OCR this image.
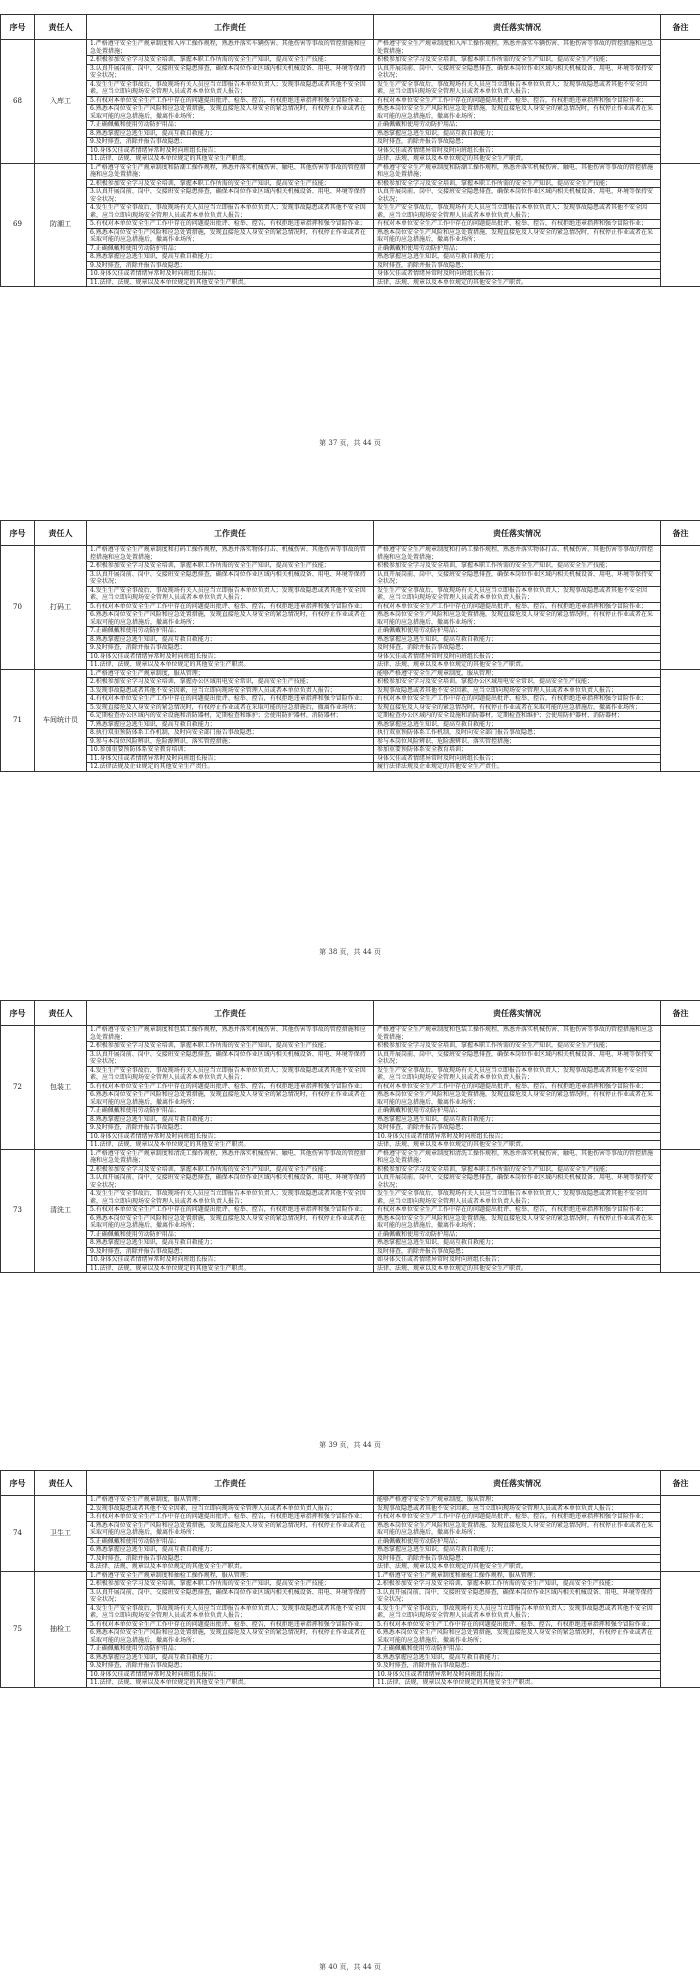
序号	责任人	工作责任	责任落实情况	备注
68	入库工	1.严格遵守安全生产规章制度和入库工操作规程，熟悉并落实车辆伤害、其他伤害等事故的管控措施和应急处置措施；	严格遵守安全生产规章制度和入库工操作规程，熟悉并落实车辆伤害、其他伤害等事故的管控措施和应急处置措施；	
		2.积极参加安全学习及安全培训，掌握本职工作所需的安全生产知识，提高安全生产技能；	积极参加安全学习及安全培训，掌握本职工作所需的安全生产知识，提高安全生产技能；	
		3.认真开展岗前、岗中、交接班安全隐患排查，确保本岗位作业区域内相关机械设备、用电、环境等保持安全状况；	认真开展岗前、岗中、交接班安全隐患排查，确保本岗位作业区域内相关机械设备、用电、环境等保持安全状况；	
		4.发生生产安全事故后，事故现场有关人员应当立即报告本单位负责人；发现事故隐患或者其他不安全因素，应当立即向现场安全管理人员或者本单位负责人报告；	发生生产安全事故后，事故现场有关人员应当立即报告本单位负责人；发现事故隐患或者其他不安全因素，应当立即向现场安全管理人员或者本单位负责人报告；	
		5.有权对本单位安全生产工作中存在的问题提出批评、检举、控告，有权拒绝违章指挥和强令冒险作业；	有权对本单位安全生产工作中存在的问题提出批评、检举、控告，有权拒绝违章指挥和强令冒险作业；	
		6.熟悉本岗位安全生产风险和应急处置措施，发现直接危及人身安全的紧急情况时，有权停止作业或者在采取可能的应急措施后，撤离作业场所；	熟悉本岗位安全生产风险和应急处置措施，发现直接危及人身安全的紧急情况时，有权停止作业或者在采取可能的应急措施后，撤离作业场所；	
		7.正确佩戴和使用劳动防护用品；	正确佩戴和使用劳动防护用品；	
		8.熟悉掌握应急逃生知识，提高互救自救能力；	熟悉掌握应急逃生知识，提高互救自救能力；	
		9.及时排查，消除并报告事故隐患；	及时排查，消除并报告事故隐患；	
		10.身体欠佳或者情绪异常时及时向班组长报告；	身体欠佳或者情绪异常时及时向班组长报告；	
		11.法律、法规、规章以及本单位规定的其他安全生产职责。	法律、法规、规章以及本单位规定的其他安全生产职责。	
69	防潮工	1.严格遵守安全生产规章制度和防潮工操作规程，熟悉并落实机械伤害、触电、其他伤害等事故的管控措施和应急处置措施；	严格遵守安全生产规章制度和防潮工操作规程，熟悉并落实机械伤害、触电、其他伤害等事故的管控措施和应急处置措施；	
		2.积极参加安全学习及安全培训，掌握本职工作所需的安全生产知识，提高安全生产技能；	积极参加安全学习及安全培训，掌握本职工作所需的安全生产知识，提高安全生产技能；	
		3.认真开展岗前、岗中、交接班安全隐患排查，确保本岗位作业区域内相关机械设备、用电、环境等保持安全状况；	认真开展岗前、岗中、交接班安全隐患排查，确保本岗位作业区域内相关机械设备、用电、环境等保持安全状况；	
		4.发生生产安全事故后，事故现场有关人员应当立即报告本单位负责人；发现事故隐患或者其他不安全因素，应当立即向现场安全管理人员或者本单位负责人报告；	发生生产安全事故后，事故现场有关人员应当立即报告本单位负责人；发现事故隐患或者其他不安全因素，应当立即向现场安全管理人员或者本单位负责人报告；	
		5.有权对本单位安全生产工作中存在的问题提出批评、检举、控告，有权拒绝违章指挥和强令冒险作业；	有权对本单位安全生产工作中存在的问题提出批评、检举、控告，有权拒绝违章指挥和强令冒险作业；	
		6.熟悉本岗位安全生产风险和应急处置措施，发现直接危及人身安全的紧急情况时，有权停止作业或者在采取可能的应急措施后，撤离作业场所；	熟悉本岗位安全生产风险和应急处置措施，发现直接危及人身安全的紧急情况时，有权停止作业或者在采取可能的应急措施后，撤离作业场所；	
		7.正确佩戴和使用劳动防护用品；	正确佩戴和使用劳动防护用品；	
		8.熟悉掌握应急逃生知识，提高互救自救能力；	熟悉掌握应急逃生知识，提高互救自救能力；	
		9.及时排查，消除并报告事故隐患；	及时排查，消除并报告事故隐患；	
		10.身体欠佳或者情绪异常时及时向班组长报告；	身体欠佳或者情绪异常时及时向班组长报告；	
		11.法律、法规、规章以及本单位规定的其他安全生产职责。	法律、法规、规章以及本单位规定的其他安全生产职责。	
第 37 页，共 44 页
序号	责任人	工作责任	责任落实情况	备注
70	打码工	1.严格遵守安全生产规章制度和打码工操作规程，熟悉并落实物体打击、机械伤害、其他伤害等事故的管控措施和应急处置措施；	严格遵守安全生产规章制度和打码工操作规程，熟悉并落实物体打击、机械伤害、其他伤害等事故的管控措施和应急处置措施；	
		2.积极参加安全学习及安全培训，掌握本职工作所需的安全生产知识，提高安全生产技能；	积极参加安全学习及安全培训，掌握本职工作所需的安全生产知识，提高安全生产技能；	
		3.认真开展岗前、岗中、交接班安全隐患排查，确保本岗位作业区域内相关机械设备、用电、环境等保持安全状况；	认真开展岗前、岗中、交接班安全隐患排查，确保本岗位作业区域内相关机械设备、用电、环境等保持安全状况；	
		4.发生生产安全事故后，事故现场有关人员应当立即报告本单位负责人；发现事故隐患或者其他不安全因素，应当立即向现场安全管理人员或者本单位负责人报告；	发生生产安全事故后，事故现场有关人员应当立即报告本单位负责人；发现事故隐患或者其他不安全因素，应当立即向现场安全管理人员或者本单位负责人报告；	
		5.有权对本单位安全生产工作中存在的问题提出批评、检举、控告，有权拒绝违章指挥和强令冒险作业；	有权对本单位安全生产工作中存在的问题提出批评、检举、控告，有权拒绝违章指挥和强令冒险作业；	
		6.熟悉本岗位安全生产风险和应急处置措施，发现直接危及人身安全的紧急情况时，有权停止作业或者在采取可能的应急措施后，撤离作业场所；	熟悉本岗位安全生产风险和应急处置措施，发现直接危及人身安全的紧急情况时，有权停止作业或者在采取可能的应急措施后，撤离作业场所；	
		7.正确佩戴和使用劳动防护用品；	正确佩戴和使用劳动防护用品；	
		8.熟悉掌握应急逃生知识，提高互救自救能力；	熟悉掌握应急逃生知识，提高互救自救能力；	
		9.及时排查，消除并报告事故隐患；	及时排查，消除并报告事故隐患；	
		10.身体欠佳或者情绪异常时及时向班组长报告；	身体欠佳或者情绪异常时及时向班组长报告；	
		11.法律、法规、规章以及本单位规定的其他安全生产职责。	法律、法规、规章以及本单位规定的其他安全生产职责。	
71	车间统计员	1.严格遵守安全生产规章制度，服从管理；	能够严格遵守安全生产规章制度，服从管理；	
		2.积极参加安全学习及安全培训，掌握办公区域用电安全常识，提高安全生产技能；	积极参加安全学习及安全培训，掌握办公区域用电安全常识，提高安全生产技能；	
		3.发现事故隐患或者其他不安全因素，应当立即向现场安全管理人员或者本单位负责人报告；	发现事故隐患或者其他不安全因素，应当立即向现场安全管理人员或者本单位负责人报告；	
		4.有权对本单位安全生产工作中存在的问题提出批评、检举、控告，有权拒绝违章指挥和强令冒险作业；	有权对本单位安全生产工作中存在的问题提出批评、检举、控告，有权拒绝违章指挥和强令冒险作业；	
		5.发现直接危及人身安全的紧急情况时，有权停止作业或者在采取可能的应急措施后，撤离作业场所；	发现直接危及人身安全的紧急情况时，有权停止作业或者在采取可能的应急措施后，撤离作业场所；	
		6.定期检查办公区域内的安全设施和消防器材，定期检查和维护；会使用防护器材、消防器材；	定期检查办公区域内的安全设施和消防器材，定期检查和维护；会使用防护器材、消防器材；	
		7.熟悉掌握应急逃生知识，提高互救自救能力；	熟悉掌握应急逃生知识，提高互救自救能力；	
		8.执行双重预防体系工作机制，及时向安全部门报告事故隐患；	执行双重预防体系工作机制，及时向安全部门报告事故隐患；	
		9.参与本岗位风险辨识、危险源辨识、落实管控措施；	参与本岗位风险辨识、危险源辨识、落实管控措施；	
		10.参加重要预防体系安全教育培训；	参加重要预防体系安全教育培训；	
		11.身体欠佳或者情绪异常时及时向班组长报告；	身体欠佳或者情绪异常时及时向班组长报告；	
		12.法律法规及企业规定的其他安全生产责任。	履行法律法规及企业规定的其他安全生产责任。	
第 38 页，共 44 页
序号	责任人	工作责任	责任落实情况	备注
72	包装工	1.严格遵守安全生产规章制度和包装工操作规程，熟悉并落实机械伤害、其他伤害等事故的管控措施和应急处置措施；	严格遵守安全生产规章制度和包装工操作规程，熟悉并落实机械伤害、其他伤害等事故的管控措施和应急处置措施；	
		2.积极参加安全学习及安全培训，掌握本职工作所需的安全生产知识，提高安全生产技能；	积极参加安全学习及安全培训，掌握本职工作所需的安全生产知识，提高安全生产技能；	
		3.认真开展岗前、岗中、交接班安全隐患排查，确保本岗位作业区域内相关机械设备、用电、环境等保持安全状况；	认真开展岗前、岗中、交接班安全隐患排查，确保本岗位作业区域内相关机械设备、用电、环境等保持安全状况；	
		4.发生生产安全事故后，事故现场有关人员应当立即报告本单位负责人；发现事故隐患或者其他不安全因素，应当立即向现场安全管理人员或者本单位负责人报告；	发生生产安全事故后，事故现场有关人员应当立即报告本单位负责人；发现事故隐患或者其他不安全因素，应当立即向现场安全管理人员或者本单位负责人报告；	
		5.有权对本单位安全生产工作中存在的问题提出批评、检举、控告，有权拒绝违章指挥和强令冒险作业；	有权对本单位安全生产工作中存在的问题提出批评、检举、控告，有权拒绝违章指挥和强令冒险作业；	
		6.熟悉本岗位安全生产风险和应急处置措施，发现直接危及人身安全的紧急情况时，有权停止作业或者在采取可能的应急措施后，撤离作业场所；	熟悉本岗位安全生产风险和应急处置措施，发现直接危及人身安全的紧急情况时，有权停止作业或者在采取可能的应急措施后，撤离作业场所；	
		7.正确佩戴和使用劳动防护用品；	正确佩戴和使用劳动防护用品；	
		8.熟悉掌握应急逃生知识，提高互救自救能力；	熟悉掌握应急逃生知识，提高互救自救能力；	
		9.及时排查，消除并报告事故隐患；	及时排查，消除并报告事故隐患；	
		10.身体欠佳或者情绪异常时及时向班组长报告；	10.身体欠佳或者情绪异常时及时向班组长报告；	
		11.法律、法规、规章以及本单位规定的其他安全生产职责。	法律、法规、规章以及本单位规定的其他安全生产职责。	
73	清洗工	1.严格遵守安全生产规章制度和清洗工操作规程，熟悉并落实机械伤害、触电、其他伤害等事故的管控措施和应急处置措施；	严格遵守安全生产规章制度和清洗工操作规程，熟悉并落实机械伤害、触电、其他伤害等事故的管控措施和应急处置措施；	
		2.积极参加安全学习及安全培训，掌握本职工作所需的安全生产知识，提高安全生产技能；	积极参加安全学习及安全培训，掌握本职工作所需的安全生产知识，提高安全生产技能；	
		3.认真开展岗前、岗中、交接班安全隐患排查，确保本岗位作业区域内相关机械设备、用电、环境等保持安全状况；	认真开展岗前、岗中、交接班安全隐患排查，确保本岗位作业区域内相关机械设备、用电、环境等保持安全状况；	
		4.发生生产安全事故后，事故现场有关人员应当立即报告本单位负责人；发现事故隐患或者其他不安全因素，应当立即向现场安全管理人员或者本单位负责人报告；	发生生产安全事故后，事故现场有关人员应当立即报告本单位负责人；发现事故隐患或者其他不安全因素，应当立即向现场安全管理人员或者本单位负责人报告；	
		5.有权对本单位安全生产工作中存在的问题提出批评、检举、控告，有权拒绝违章指挥和强令冒险作业；	有权对本单位安全生产工作中存在的问题提出批评、检举、控告，有权拒绝违章指挥和强令冒险作业；	
		6.熟悉本岗位安全生产风险和应急处置措施，发现直接危及人身安全的紧急情况时，有权停止作业或者在采取可能的应急措施后，撤离作业场所；	熟悉本岗位安全生产风险和应急处置措施，发现直接危及人身安全的紧急情况时，有权停止作业或者在采取可能的应急措施后，撤离作业场所；	
		7.正确佩戴和使用劳动防护用品；	正确佩戴和使用劳动防护用品；	
		8.熟悉掌握应急逃生知识，提高互救自救能力；	熟悉掌握应急逃生知识，提高互救自救能力；	
		9.及时排查，消除并报告事故隐患；	及时排查，消除并报告事故隐患；	
		10.身体欠佳或者情绪异常时及时向班组长报告；	如身体欠佳或者情绪异常时及时向班组长报告；	
		11.法律、法规、规章以及本单位规定的其他安全生产职责。	法律、法规、规章以及本单位规定的其他安全生产职责。	
第 39 页，共 44 页
序号	责任人	工作责任	责任落实情况	备注
74	卫生工	1.严格遵守安全生产规章制度，服从管理；	能够严格遵守安全生产规章制度，服从管理；	
		2.发现事故隐患或者其他不安全因素，应当立即向现场安全管理人员或者本单位负责人报告；	发现事故隐患或者其他不安全因素，应当立即向现场安全管理人员或者本单位负责人报告；	
		3.有权对本单位安全生产工作中存在的问题提出批评、检举、控告，有权拒绝违章指挥和强令冒险作业；	有权对本单位安全生产工作中存在的问题提出批评、检举、控告，有权拒绝违章指挥和强令冒险作业；	
		4.熟悉本岗位安全生产风险和应急处置措施，发现直接危及人身安全的紧急情况时，有权停止作业或者在采取可能的应急措施后，撤离作业场所；	熟悉本岗位安全生产风险和应急处置措施，发现直接危及人身安全的紧急情况时，有权停止作业或者在采取可能的应急措施后，撤离作业场所；	
		5.正确佩戴和使用劳动防护用品；	正确佩戴和使用劳动防护用品；	
		6.熟悉掌握应急逃生知识，提高互救自救能力；	熟悉掌握应急逃生知识，提高互救自救能力；	
		7.及时排查，消除并报告事故隐患；	及时排查，消除并报告事故隐患；	
		8.法律、法规、规章以及本单位规定的其他安全生产职责。	法律、法规、规章以及本单位规定的其他安全生产职责。	
75	抽检工	1.严格遵守安全生产规章制度和抽检工操作规程，服从管理；	1.严格遵守安全生产规章制度和抽检工操作规程，服从管理；	
		2.积极参加安全学习及安全培训，掌握本职工作所需的安全生产知识，提高安全生产技能；	2.积极参加安全学习及安全培训，掌握本职工作所需的安全生产知识，提高安全生产技能；	
		3.认真开展岗前、岗中、交接班安全隐患排查，确保本岗位作业区域内相关机械设备、用电、环境等保持安全状况；	3.认真开展岗前、岗中、交接班安全隐患排查，确保本岗位作业区域内相关机械设备、用电、环境等保持安全状况；	
		4.发生生产安全事故后，事故现场有关人员应当立即报告本单位负责人；发现事故隐患或者其他不安全因素，应当立即向现场安全管理人员或者本单位负责人报告；	4.发生生产安全事故后，事故现场有关人员应当立即报告本单位负责人；发现事故隐患或者其他不安全因素，应当立即向现场安全管理人员或者本单位负责人报告；	
		5.有权对本单位安全生产工作中存在的问题提出批评、检举、控告，有权拒绝违章指挥和强令冒险作业；	5.有权对本单位安全生产工作中存在的问题提出批评、检举、控告，有权拒绝违章指挥和强令冒险作业；	
		6.熟悉本岗位安全生产风险和应急处置措施，发现直接危及人身安全的紧急情况时，有权停止作业或者在采取可能的应急措施后，撤离作业场所；	6.熟悉本岗位安全生产风险和应急处置措施，发现直接危及人身安全的紧急情况时，有权停止作业或者在采取可能的应急措施后，撤离作业场所；	
		7.正确佩戴和使用劳动防护用品；	7.正确佩戴和使用劳动防护用品；	
		8.熟悉掌握应急逃生知识，提高互救自救能力；	8.熟悉掌握应急逃生知识，提高互救自救能力；	
		9.及时排查，消除并报告事故隐患；	9.及时排查，消除并报告事故隐患；	
		10.身体欠佳或者情绪异常时及时向班组长报告；	10.身体欠佳或者情绪异常时及时向班组长报告；	
		11.法律、法规、规章以及本单位规定的其他安全生产职责。	11.法律、法规、规章以及本单位规定的其他安全生产职责。	
第 40 页，共 44 页
